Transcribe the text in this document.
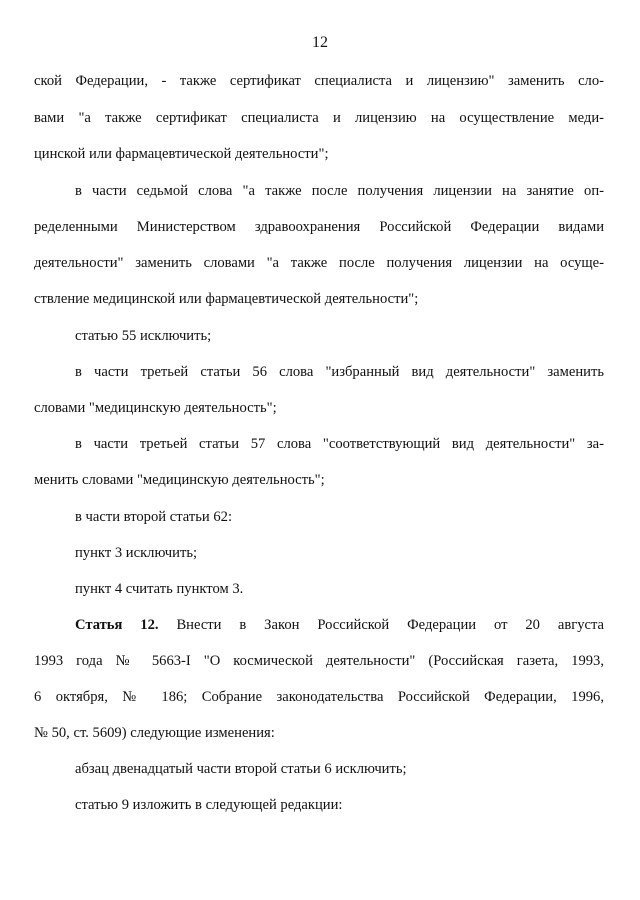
12
ской Федерации, - также сертификат специалиста и лицензию" заменить сло-
вами "а также сертификат специалиста и лицензию на осуществление меди-
цинской или фармацевтической деятельности";
в части седьмой слова "а также после получения лицензии на занятие оп-
ределенными Министерством здравоохранения Российской Федерации видами
деятельности" заменить словами "а также после получения лицензии на осуще-
ствление медицинской или фармацевтической деятельности";
статью 55 исключить;
в части третьей статьи 56 слова "избранный вид деятельности" заменить
словами "медицинскую деятельность";
в части третьей статьи 57 слова "соответствующий вид деятельности" за-
менить словами "медицинскую деятельность";
в части второй статьи 62:
пункт 3 исключить;
пункт 4 считать пунктом 3.
Статья 12. Внести в Закон Российской Федерации от 20 августа
1993 года № 5663-I "О космической деятельности" (Российская газета, 1993,
6 октября, № 186; Собрание законодательства Российской Федерации, 1996,
№ 50, ст. 5609) следующие изменения:
абзац двенадцатый части второй статьи 6 исключить;
статью 9 изложить в следующей редакции:
